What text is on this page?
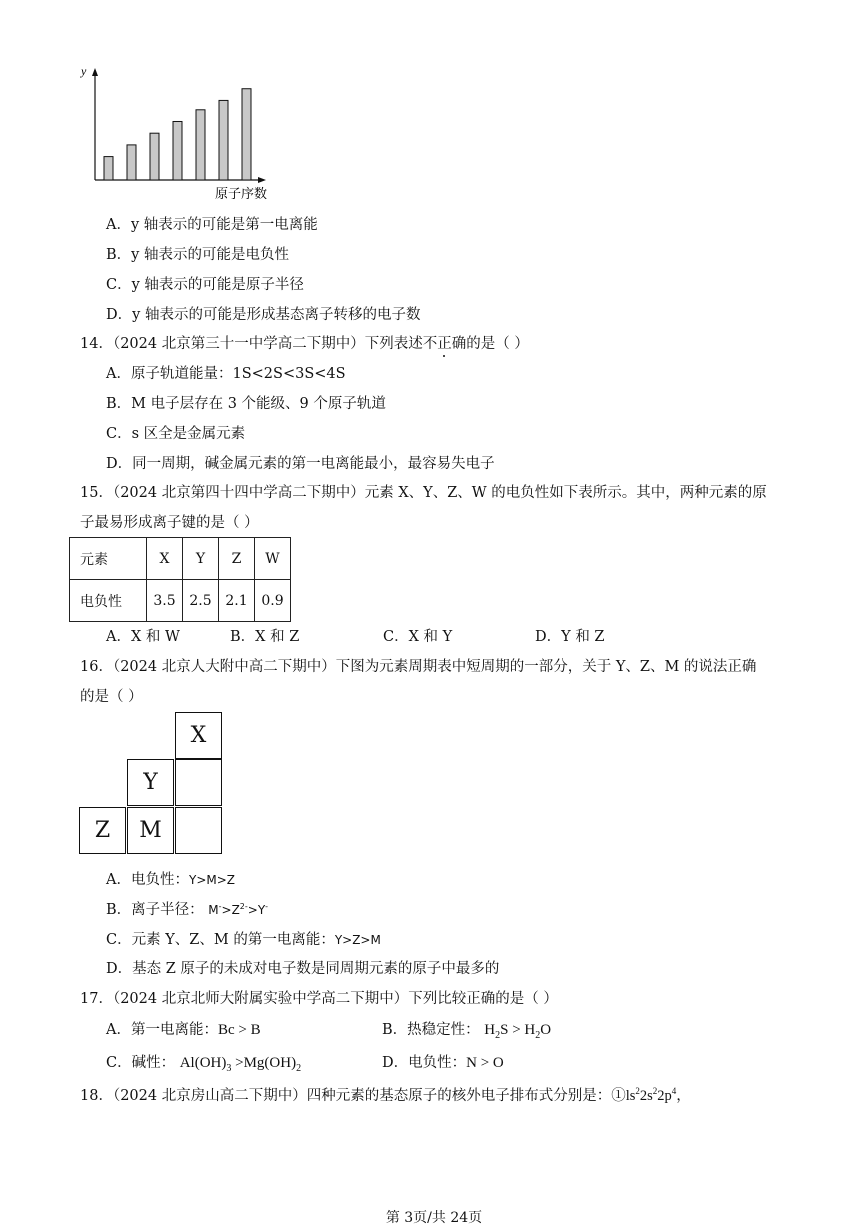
y
原子序数
A．y 轴表示的可能是第一电离能
B．y 轴表示的可能是电负性
C．y 轴表示的可能是原子半径
D．y 轴表示的可能是形成基态离子转移的电子数
14．（2024 北京第三十一中学高二下期中）下列表述不正确的是（ ）
A．原子轨道能量：1S<2S<3S<4S
B．M 电子层存在 3 个能级、9 个原子轨道
C．s 区全是金属元素
D．同一周期，碱金属元素的第一电离能最小，最容易失电子
15．（2024 北京第四十四中学高二下期中）元素 X、Y、Z、W 的电负性如下表所示。其中，两种元素的原
子最易形成离子键的是（ ）
元素	X	Y	Z	W
电负性	3.5	2.5	2.1	0.9
A．X 和 W	B．X 和 Z	C．X 和 Y	D．Y 和 Z
16．（2024 北京人大附中高二下期中）下图为元素周期表中短周期的一部分，关于 Y、Z、M 的说法正确
的是（ ）
X
Y
Z	M
A．电负性：Y>M>Z
B．离子半径： $M^->Z^{2-}>Y^-$
C．元素 Y、Z、M 的第一电离能：Y>Z>M
D．基态 Z 原子的未成对电子数是同周期元素的原子中最多的
17．（2024 北京北师大附属实验中学高二下期中）下列比较正确的是（ ）
A．第一电离能：Bc > B	B．热稳定性： $H_2S > H_2O$
C．碱性： $Al(OH)_3 >Mg(OH)_2$	D．电负性：N > O
18．（2024 北京房山高二下期中）四种元素的基态原子的核外电子排布式分别是：$①ls^22s^22p^4$，
第 3页/共 24页
